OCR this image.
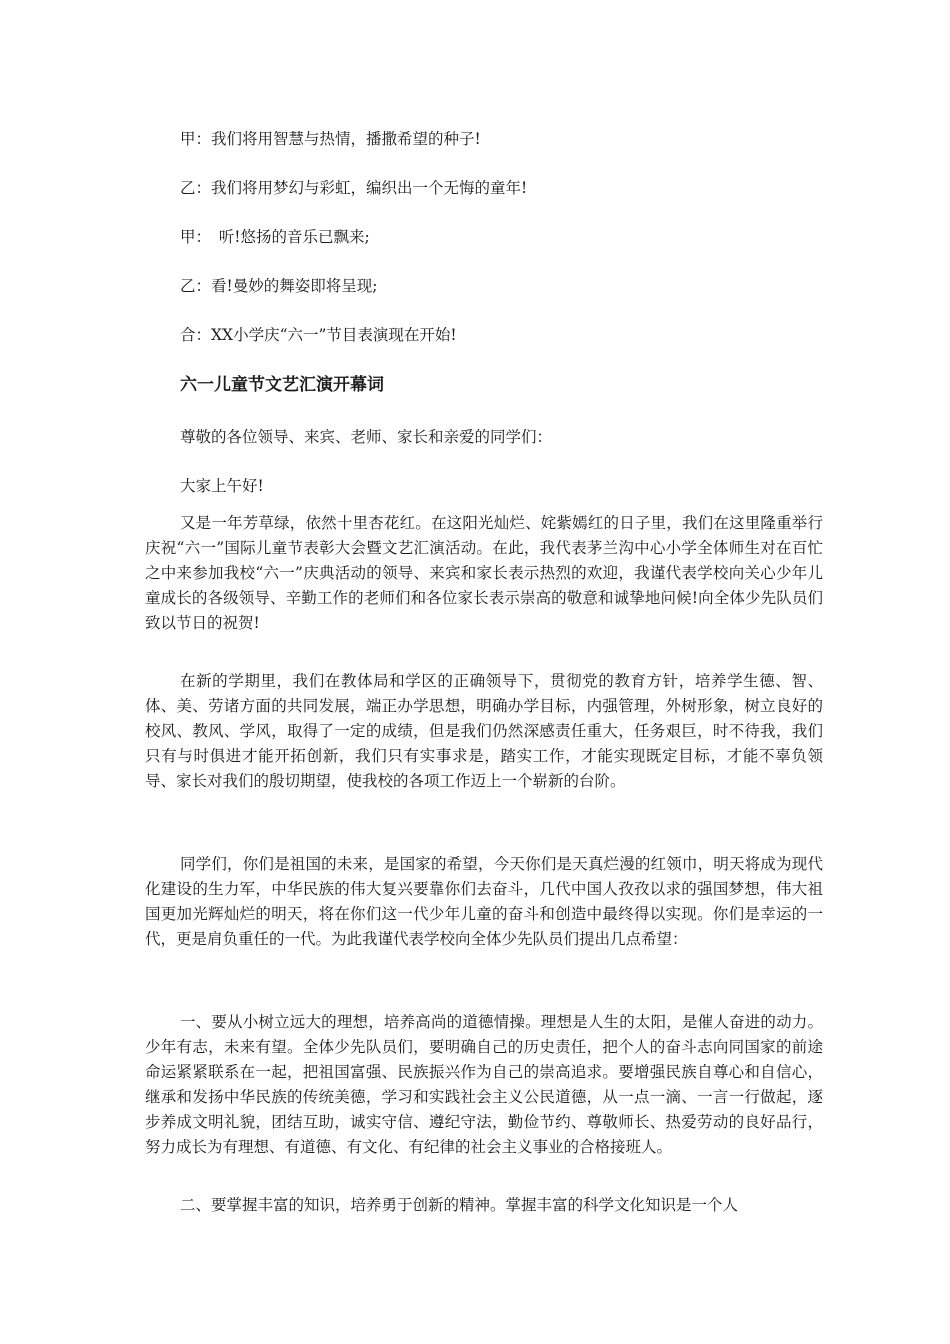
甲：我们将用智慧与热情，播撒希望的种子!
乙：我们将用梦幻与彩虹，编织出一个无悔的童年!
甲：　听!悠扬的音乐已飘来;
乙：看!曼妙的舞姿即将呈现;
合：XX小学庆“六一”节目表演现在开始!
六一儿童节文艺汇演开幕词
尊敬的各位领导、来宾、老师、家长和亲爱的同学们：
大家上午好!

又是一年芳草绿，依然十里杏花红。在这阳光灿烂、姹紫嫣红的日子里，我们在这里隆重举行庆祝“六一”国际儿童节表彰大会暨文艺汇演活动。在此，我代表茅兰沟中心小学全体师生对在百忙之中来参加我校“六一”庆典活动的领导、来宾和家长表示热烈的欢迎，我谨代表学校向关心少年儿童成长的各级领导、辛勤工作的老师们和各位家长表示崇高的敬意和诚挚地问候!向全体少先队员们致以节日的祝贺!

在新的学期里，我们在教体局和学区的正确领导下，贯彻党的教育方针，培养学生德、智、体、美、劳诸方面的共同发展，端正办学思想，明确办学目标，内强管理，外树形象，树立良好的校风、教风、学风，取得了一定的成绩，但是我们仍然深感责任重大，任务艰巨，时不待我，我们只有与时俱进才能开拓创新，我们只有实事求是，踏实工作，才能实现既定目标，才能不辜负领导、家长对我们的殷切期望，使我校的各项工作迈上一个崭新的台阶。

同学们，你们是祖国的未来，是国家的希望，今天你们是天真烂漫的红领巾，明天将成为现代化建设的生力军，中华民族的伟大复兴要靠你们去奋斗，几代中国人孜孜以求的强国梦想，伟大祖国更加光辉灿烂的明天，将在你们这一代少年儿童的奋斗和创造中最终得以实现。你们是幸运的一代，更是肩负重任的一代。为此我谨代表学校向全体少先队员们提出几点希望：

一、要从小树立远大的理想，培养高尚的道德情操。理想是人生的太阳，是催人奋进的动力。少年有志，未来有望。全体少先队员们，要明确自己的历史责任，把个人的奋斗志向同国家的前途命运紧紧联系在一起，把祖国富强、民族振兴作为自己的崇高追求。要增强民族自尊心和自信心，继承和发扬中华民族的传统美德，学习和实践社会主义公民道德，从一点一滴、一言一行做起，逐步养成文明礼貌，团结互助，诚实守信、遵纪守法，勤俭节约、尊敬师长、热爱劳动的良好品行，努力成长为有理想、有道德、有文化、有纪律的社会主义事业的合格接班人。

二、要掌握丰富的知识，培养勇于创新的精神。掌握丰富的科学文化知识是一个人
